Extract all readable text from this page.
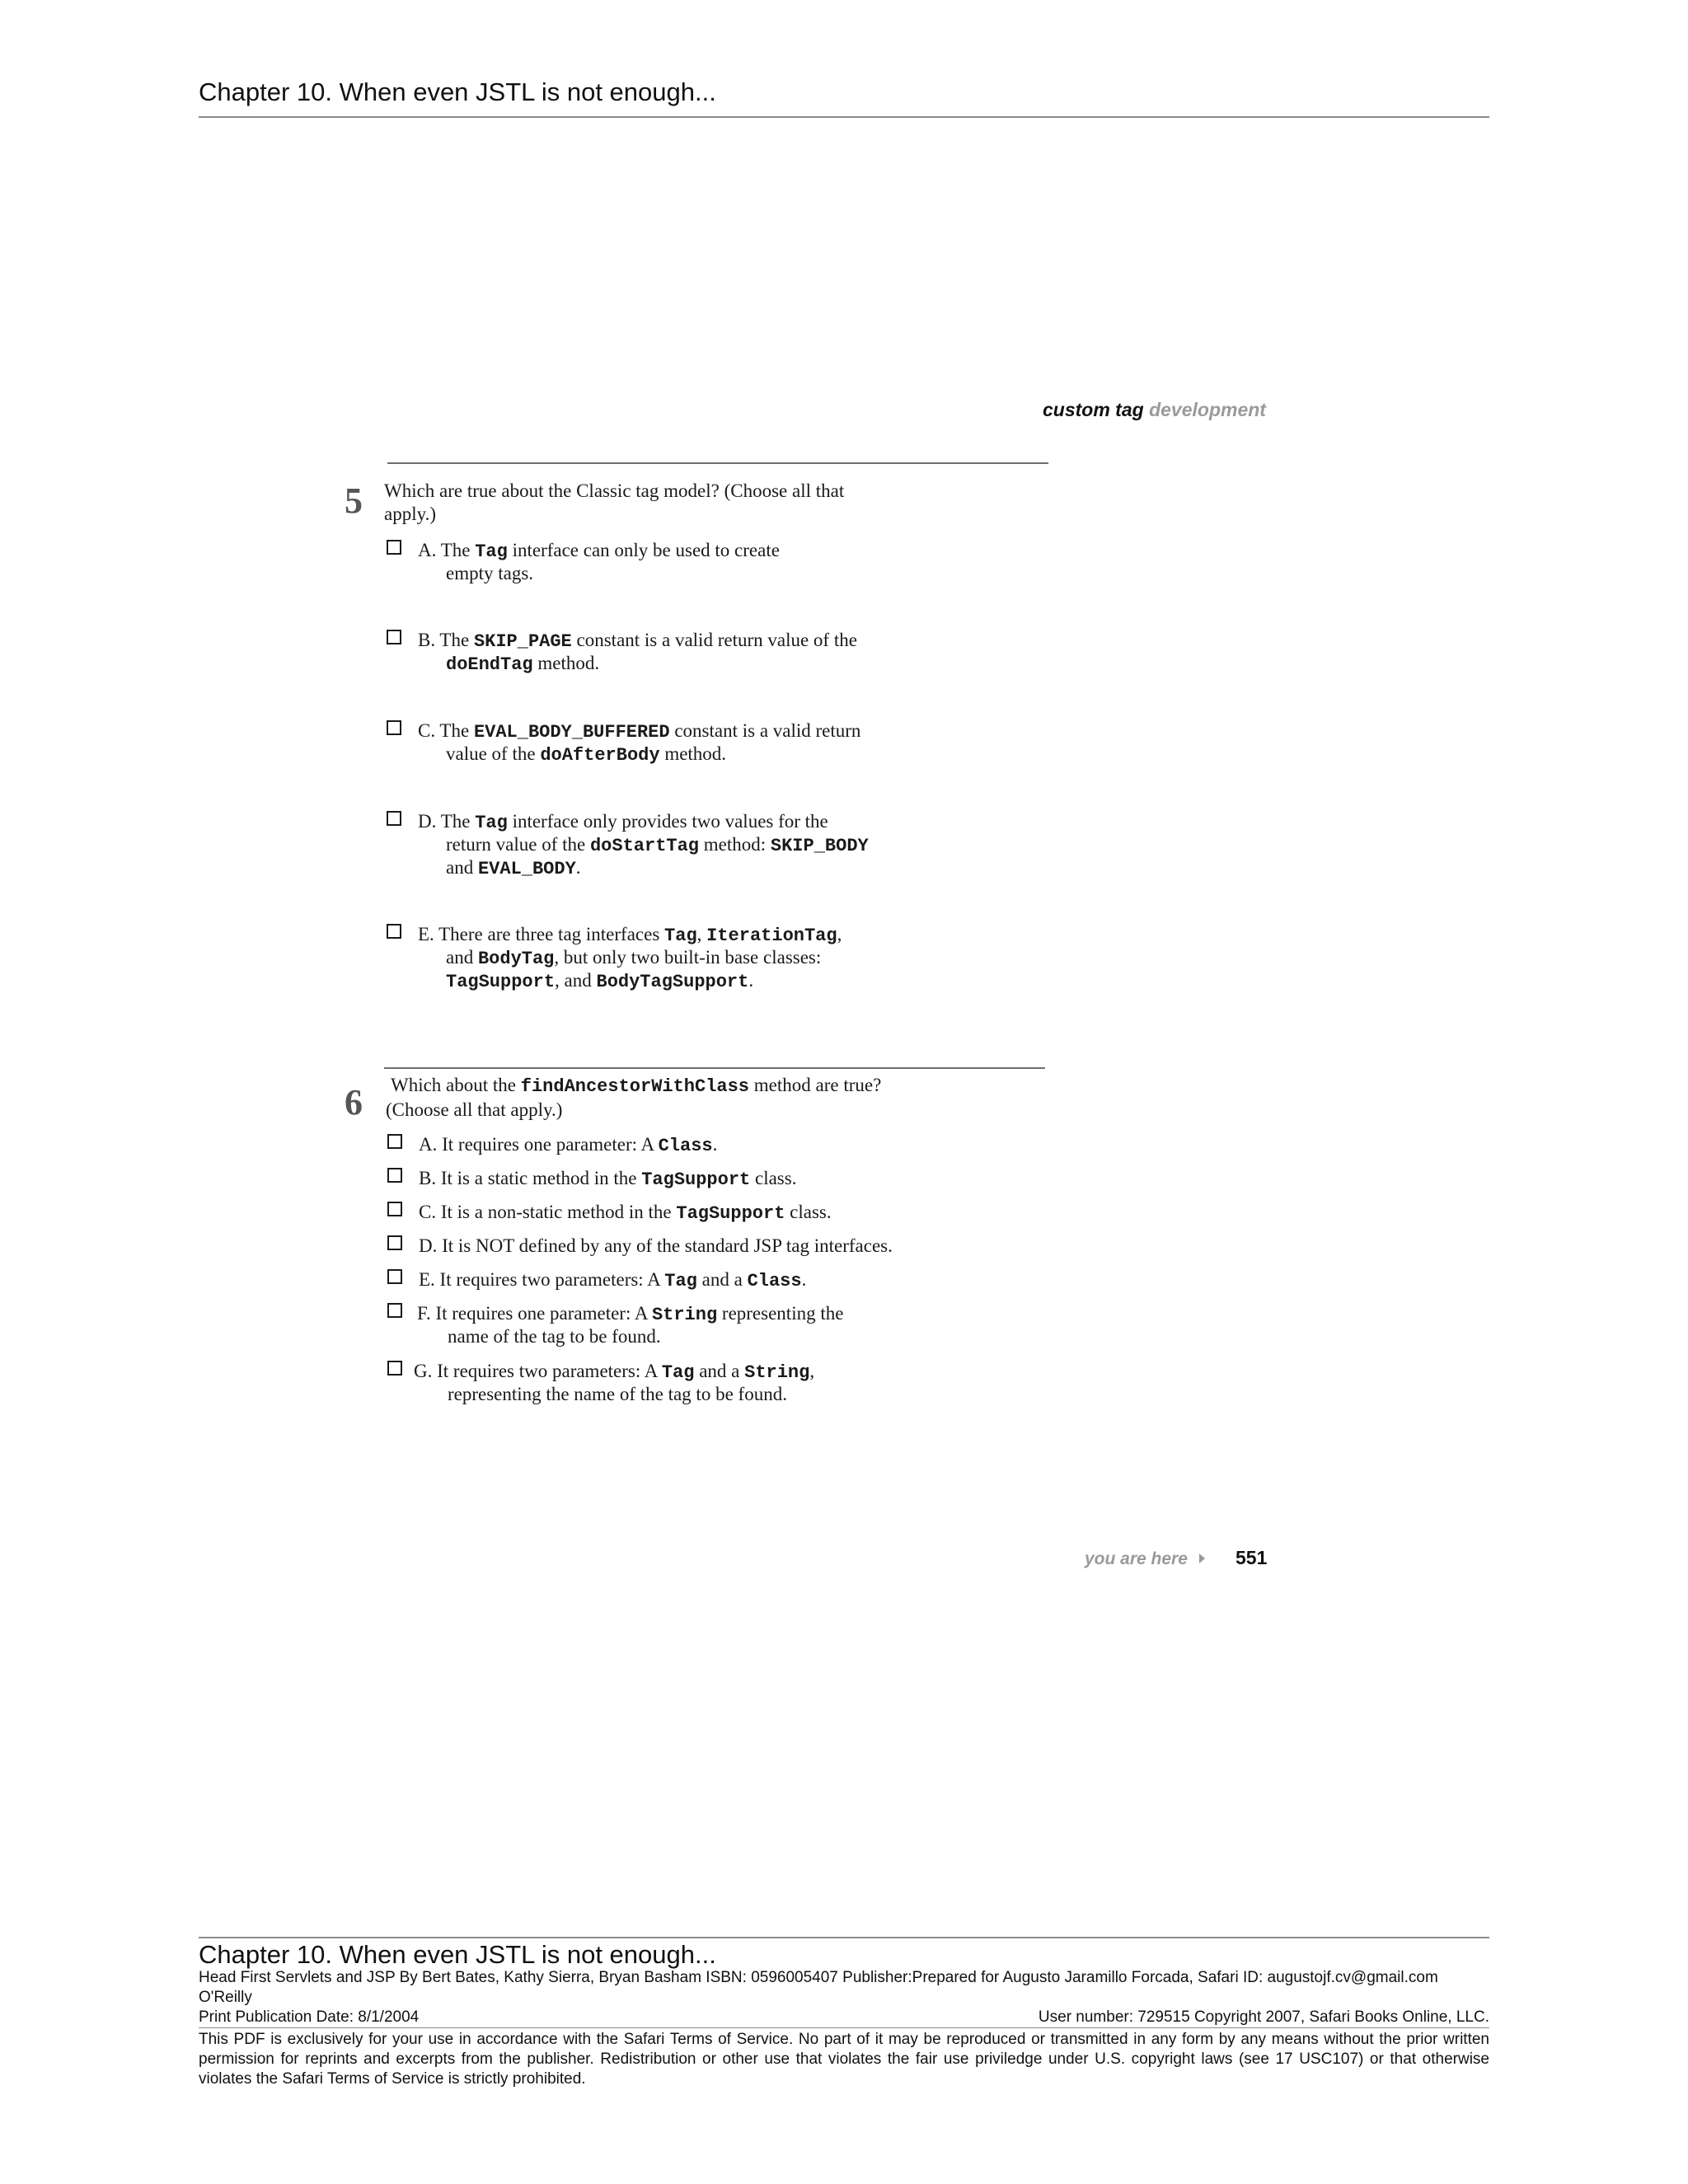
Chapter 10. When even JSTL is not enough...
custom tag development
5 Which are true about the Classic tag model? (Choose all that
apply.)
A. The Tag interface can only be used to create
empty tags.
B. The SKIP_PAGE constant is a valid return value of the
doEndTag method.
C. The EVAL_BODY_BUFFERED constant is a valid return
value of the doAfterBody method.
D. The Tag interface only provides two values for the
return value of the doStartTag method: SKIP_BODY
and EVAL_BODY.
E. There are three tag interfaces Tag, IterationTag,
and BodyTag, but only two built-in base classes:
TagSupport, and BodyTagSupport.
6 Which about the findAncestorWithClass method are true?
(Choose all that apply.)
A. It requires one parameter: A Class.
B. It is a static method in the TagSupport class.
C. It is a non-static method in the TagSupport class.
D. It is NOT defined by any of the standard JSP tag interfaces.
E. It requires two parameters: A Tag and a Class.
F. It requires one parameter: A String representing the
name of the tag to be found.
G. It requires two parameters: A Tag and a String,
representing the name of the tag to be found.
you are here	551
Chapter 10. When even JSTL is not enough...
Head First Servlets and JSP By Bert Bates, Kathy Sierra, Bryan Basham ISBN: 0596005407 Publisher:Prepared for Augusto Jaramillo Forcada, Safari ID: augustojf.cv@gmail.com
O'Reilly
Print Publication Date: 8/1/2004	User number: 729515 Copyright 2007, Safari Books Online, LLC.
This PDF is exclusively for your use in accordance with the Safari Terms of Service. No part of it may be reproduced or transmitted in any form by any means without the prior written permission for reprints and excerpts from the publisher. Redistribution or other use that violates the fair use priviledge under U.S. copyright laws (see 17 USC107) or that otherwise violates the Safari Terms of Service is strictly prohibited.
